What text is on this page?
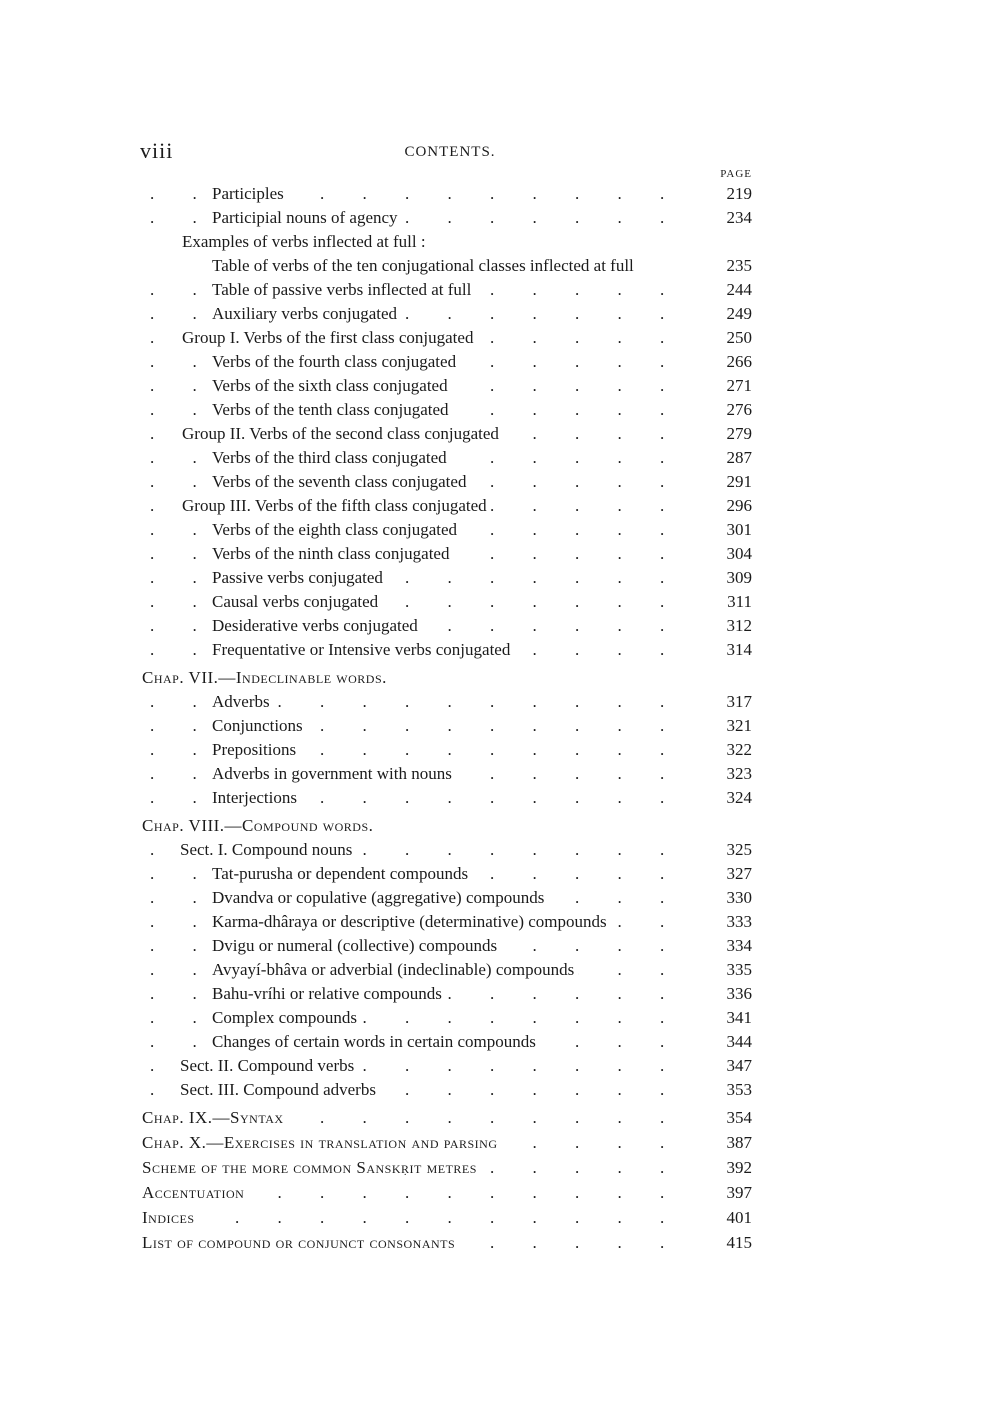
viii	CONTENTS.
PAGE
Participles . . .	219
Participial nouns of agency . . .	234
Examples of verbs inflected at full :
Table of verbs of the ten conjugational classes inflected at full	235
Table of passive verbs inflected at full . . .	244
Auxiliary verbs conjugated . . .	249
Group I. Verbs of the first class conjugated . . .	250
Verbs of the fourth class conjugated . . .	266
Verbs of the sixth class conjugated . . .	271
Verbs of the tenth class conjugated . . .	276
Group II. Verbs of the second class conjugated . . .	279
Verbs of the third class conjugated . . .	287
Verbs of the seventh class conjugated . . .	291
Group III. Verbs of the fifth class conjugated . . .	296
Verbs of the eighth class conjugated . . .	301
Verbs of the ninth class conjugated . . .	304
Passive verbs conjugated . . .	309
Causal verbs conjugated . . .	311
Desiderative verbs conjugated . . .	312
Frequentative or Intensive verbs conjugated . . .	314
Chap. VII.—Indeclinable words.
Adverbs . . .	317
Conjunctions . . .	321
Prepositions . . .	322
Adverbs in government with nouns . . .	323
Interjections . . .	324
Chap. VIII.—Compound words.
Sect. I. Compound nouns . . .	325
Tat-purusha or dependent compounds . . .	327
Dvandva or copulative (aggregative) compounds . . .	330
Karma-dhâraya or descriptive (determinative) compounds . . .	333
Dvigu or numeral (collective) compounds . . .	334
Avyayí-bhâva or adverbial (indeclinable) compounds . . .	335
Bahu-vríhi or relative compounds . . .	336
Complex compounds . . .	341
Changes of certain words in certain compounds . . .	344
Sect. II. Compound verbs . . .	347
Sect. III. Compound adverbs . . .	353
Chap. IX.—Syntax . . .	354
Chap. X.—Exercises in translation and parsing . . .	387
Scheme of the more common Sanskṛit metres . . .	392
Accentuation . . .	397
Indices . . .	401
List of compound or conjunct consonants . . .	415
